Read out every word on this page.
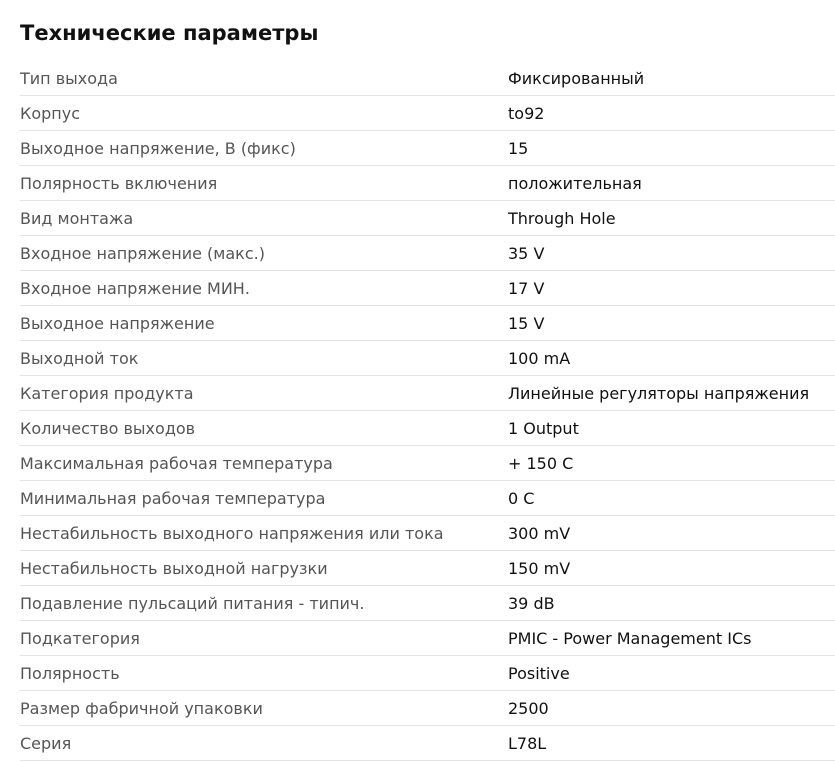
Технические параметры
Тип выхода	Фиксированный
Корпус	to92
Выходное напряжение, В (фикс)	15
Полярность включения	положительная
Вид монтажа	Through Hole
Входное напряжение (макс.)	35 V
Входное напряжение МИН.	17 V
Выходное напряжение	15 V
Выходной ток	100 mA
Категория продукта	Линейные регуляторы напряжения
Количество выходов	1 Output
Максимальная рабочая температура	+ 150 C
Минимальная рабочая температура	0 C
Нестабильность выходного напряжения или тока	300 mV
Нестабильность выходной нагрузки	150 mV
Подавление пульсаций питания - типич.	39 dB
Подкатегория	PMIC - Power Management ICs
Полярность	Positive
Размер фабричной упаковки	2500
Серия	L78L
